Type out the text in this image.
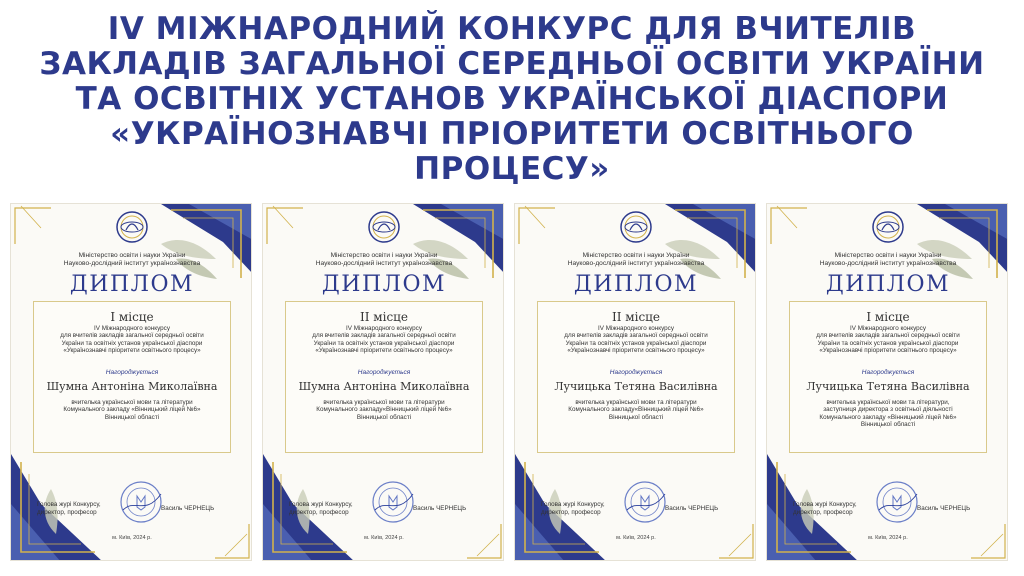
IV МІЖНАРОДНИЙ КОНКУРС ДЛЯ ВЧИТЕЛІВ ЗАКЛАДІВ ЗАГАЛЬНОЇ СЕРЕДНЬОЇ ОСВІТИ УКРАЇНИ ТА ОСВІТНІХ УСТАНОВ УКРАЇНСЬКОЇ ДІАСПОРИ «УКРАЇНОЗНАВЧІ ПРІОРИТЕТИ ОСВІТНЬОГО ПРОЦЕСУ»
Міністерство освіти і науки України
Науково-дослідний інститут українознавства
ДИПЛОМ
І місце
ІV Міжнародного конкурсу
для вчителів закладів загальної середньої освіти
України та освітніх установ української діаспори
«Українознавчі пріоритети освітнього процесу»
Нагороджується
Шумна Антоніна Миколаївна
вчителька української мови та літератури
Комунального закладу «Вінницький ліцей №6»
Вінницької області
Голова журі Конкурсу,
директор, професор
Василь ЧЕРНЕЦЬ
м. Київ, 2024 р.
Міністерство освіти і науки України
Науково-дослідний інститут українознавства
ДИПЛОМ
ІІ місце
ІV Міжнародного конкурсу
для вчителів закладів загальної середньої освіти
України та освітніх установ української діаспори
«Українознавчі пріоритети освітнього процесу»
Нагороджується
Шумна Антоніна Миколаївна
вчителька української мови та літератури
Комунального закладу«Вінницький ліцей №6»
Вінницької області
Голова журі Конкурсу,
директор, професор
Василь ЧЕРНЕЦЬ
м. Київ, 2024 р.
Міністерство освіти і науки України
Науково-дослідний інститут українознавства
ДИПЛОМ
ІІ місце
ІV Міжнародного конкурсу
для вчителів закладів загальної середньої освіти
України та освітніх установ української діаспори
«Українознавчі пріоритети освітнього процесу»
Нагороджується
Лучицька Тетяна Василівна
вчителька української мови та літератури
Комунального закладу«Вінницький ліцей №6»
Вінницької області
Голова журі Конкурсу,
директор, професор
Василь ЧЕРНЕЦЬ
м. Київ, 2024 р.
Міністерство освіти і науки України
Науково-дослідний інститут українознавства
ДИПЛОМ
І місце
ІV Міжнародного конкурсу
для вчителів закладів загальної середньої освіти
України та освітніх установ української діаспори
«Українознавчі пріоритети освітнього процесу»
Нагороджується
Лучицька Тетяна Василівна
вчителька української мови та літератури,
заступниця директора з освітньої діяльності
Комунального закладу «Вінницький ліцей №6»
Вінницької області
Голова журі Конкурсу,
директор, професор
Василь ЧЕРНЕЦЬ
м. Київ, 2024 р.
